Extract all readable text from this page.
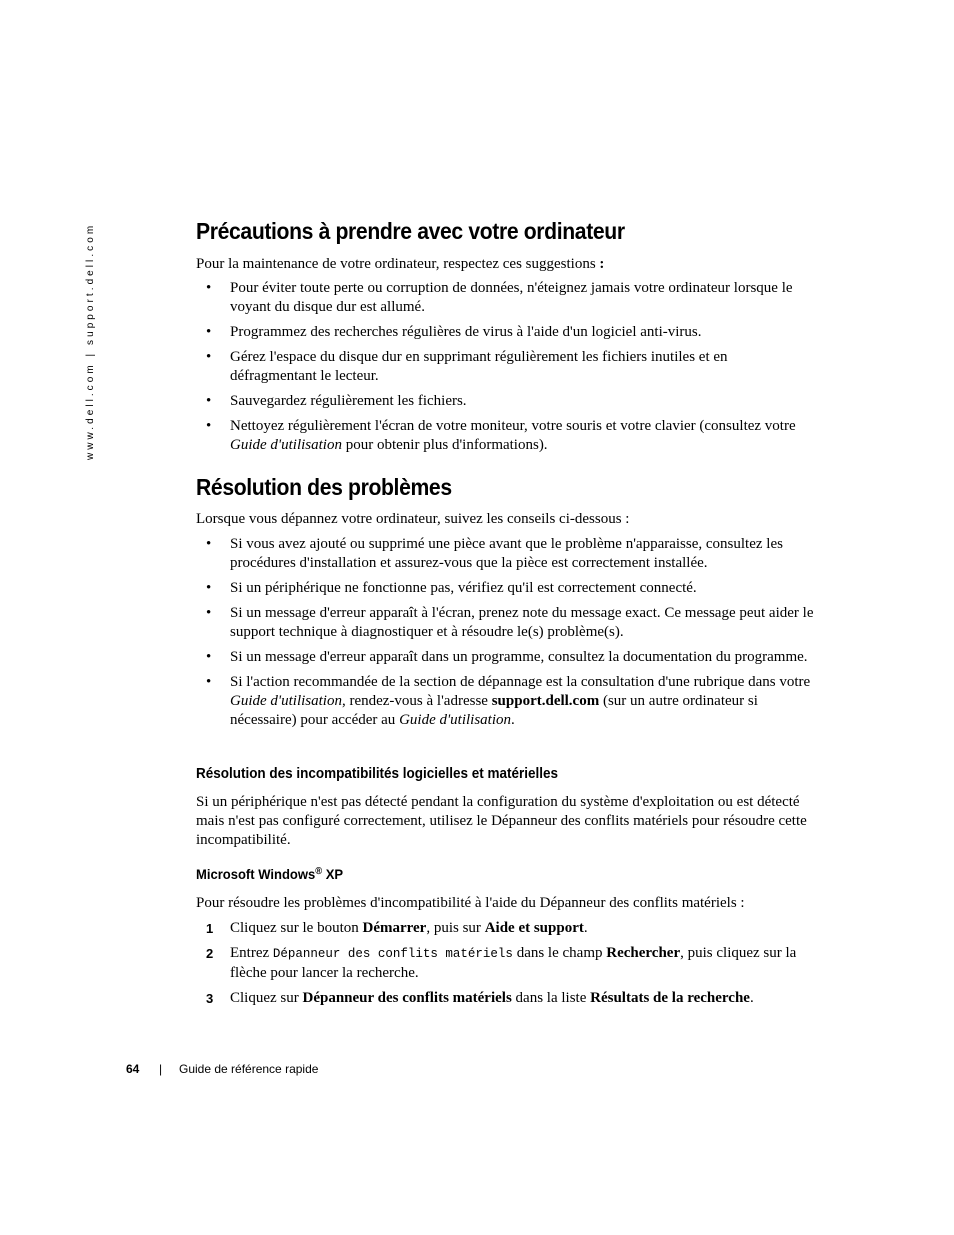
www.dell.com | support.dell.com	Précautions à prendre avec votre ordinateur

Pour la maintenance de votre ordinateur, respectez ces suggestions :

• Pour éviter toute perte ou corruption de données, n'éteignez jamais votre ordinateur lorsque le voyant du disque dur est allumé.
• Programmez des recherches régulières de virus à l'aide d'un logiciel anti-virus.
• Gérez l'espace du disque dur en supprimant régulièrement les fichiers inutiles et en défragmentant le lecteur.
• Sauvegardez régulièrement les fichiers.
• Nettoyez régulièrement l'écran de votre moniteur, votre souris et votre clavier (consultez votre Guide d'utilisation pour obtenir plus d'informations).
Résolution des problèmes

Lorsque vous dépannez votre ordinateur, suivez les conseils ci-dessous :

• Si vous avez ajouté ou supprimé une pièce avant que le problème n'apparaisse, consultez les procédures d'installation et assurez-vous que la pièce est correctement installée.
• Si un périphérique ne fonctionne pas, vérifiez qu'il est correctement connecté.
• Si un message d'erreur apparaît à l'écran, prenez note du message exact. Ce message peut aider le support technique à diagnostiquer et à résoudre le(s) problème(s).
• Si un message d'erreur apparaît dans un programme, consultez la documentation du programme.
• Si l'action recommandée de la section de dépannage est la consultation d'une rubrique dans votre Guide d'utilisation, rendez-vous à l'adresse support.dell.com (sur un autre ordinateur si nécessaire) pour accéder au Guide d'utilisation.
Résolution des incompatibilités logicielles et matérielles

Si un périphérique n'est pas détecté pendant la configuration du système d'exploitation ou est détecté mais n'est pas configuré correctement, utilisez le Dépanneur des conflits matériels pour résoudre cette incompatibilité.

Microsoft Windows® XP

Pour résoudre les problèmes d'incompatibilité à l'aide du Dépanneur des conflits matériels :

1 Cliquez sur le bouton Démarrer, puis sur Aide et support.
2 Entrez Dépanneur des conflits matériels dans le champ Rechercher, puis cliquez sur la flèche pour lancer la recherche.
3 Cliquez sur Dépanneur des conflits matériels dans la liste Résultats de la recherche.
64 | Guide de référence rapide
